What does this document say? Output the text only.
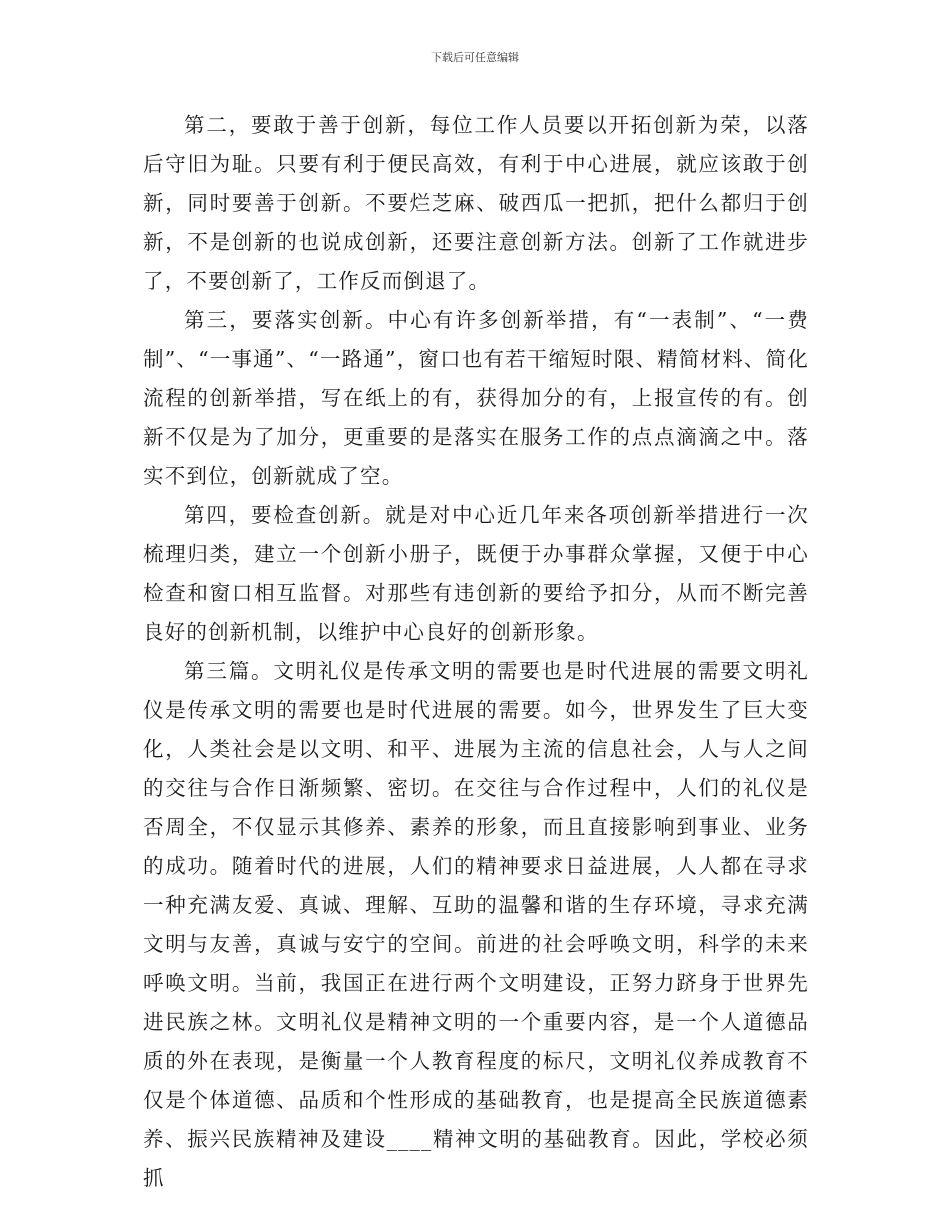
下载后可任意编辑

第二，要敢于善于创新，每位工作人员要以开拓创新为荣，以落后守旧为耻。只要有利于便民高效，有利于中心进展，就应该敢于创新，同时要善于创新。不要烂芝麻、破西瓜一把抓，把什么都归于创新，不是创新的也说成创新，还要注意创新方法。创新了工作就进步了，不要创新了，工作反而倒退了。

第三，要落实创新。中心有许多创新举措，有“一表制”、“一费制”、“一事通”、“一路通”，窗口也有若干缩短时限、精简材料、简化流程的创新举措，写在纸上的有，获得加分的有，上报宣传的有。创新不仅是为了加分，更重要的是落实在服务工作的点点滴滴之中。落实不到位，创新就成了空。

第四，要检查创新。就是对中心近几年来各项创新举措进行一次梳理归类，建立一个创新小册子，既便于办事群众掌握，又便于中心检查和窗口相互监督。对那些有违创新的要给予扣分，从而不断完善良好的创新机制，以维护中心良好的创新形象。

第三篇。文明礼仪是传承文明的需要也是时代进展的需要文明礼仪是传承文明的需要也是时代进展的需要。如今，世界发生了巨大变化，人类社会是以文明、和平、进展为主流的信息社会，人与人之间的交往与合作日渐频繁、密切。在交往与合作过程中，人们的礼仪是否周全，不仅显示其修养、素养的形象，而且直接影响到事业、业务的成功。随着时代的进展，人们的精神要求日益进展，人人都在寻求一种充满友爱、真诚、理解、互助的温馨和谐的生存环境，寻求充满文明与友善，真诚与安宁的空间。前进的社会呼唤文明，科学的未来呼唤文明。当前，我国正在进行两个文明建设，正努力跻身于世界先进民族之林。文明礼仪是精神文明的一个重要内容，是一个人道德品质的外在表现，是衡量一个人教育程度的标尺，文明礼仪养成教育不仅是个体道德、品质和个性形成的基础教育，也是提高全民族道德素养、振兴民族精神及建设____精神文明的基础教育。因此，学校必须抓
